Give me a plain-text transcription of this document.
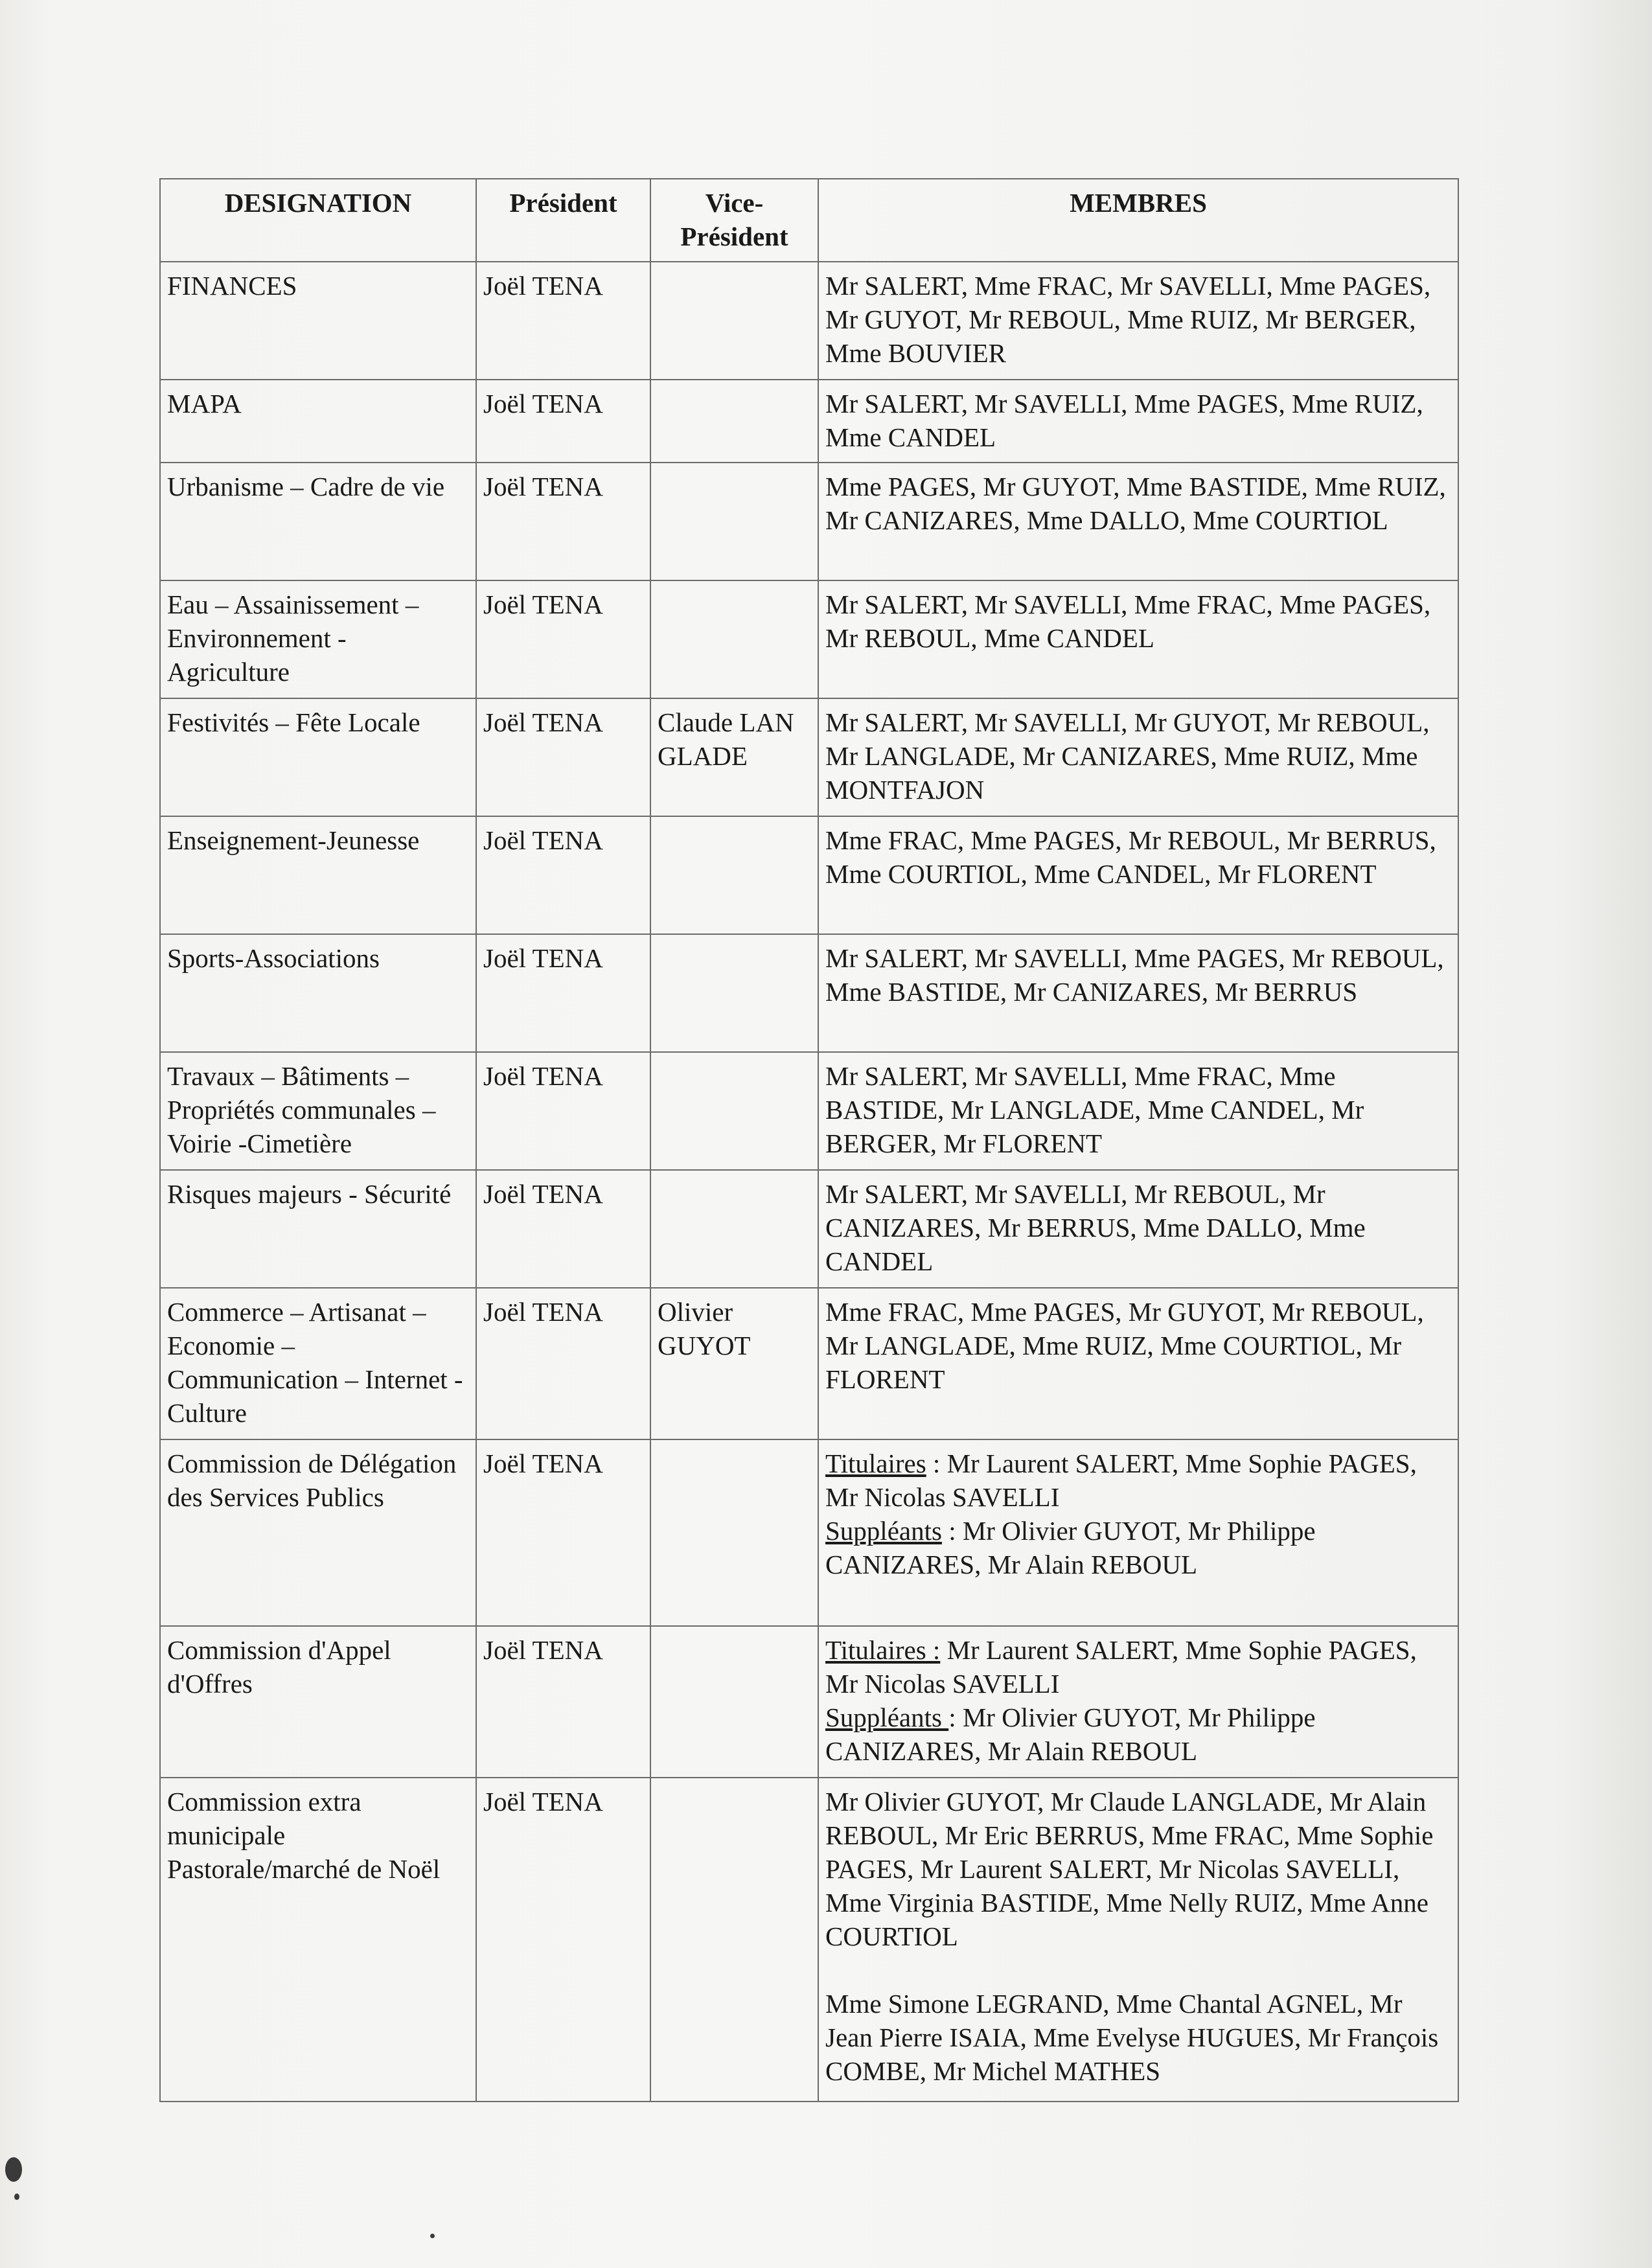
DESIGNATION	Président	Vice-Président	MEMBRES
FINANCES	Joël TENA		Mr SALERT, Mme FRAC, Mr SAVELLI, Mme PAGES, Mr GUYOT, Mr REBOUL, Mme RUIZ, Mr BERGER, Mme BOUVIER
MAPA	Joël TENA		Mr SALERT, Mr SAVELLI, Mme PAGES, Mme RUIZ, Mme CANDEL
Urbanisme – Cadre de vie	Joël TENA		Mme PAGES, Mr GUYOT, Mme BASTIDE, Mme RUIZ, Mr CANIZARES, Mme DALLO, Mme COURTIOL
Eau – Assainissement – Environnement - Agriculture	Joël TENA		Mr SALERT, Mr SAVELLI, Mme FRAC, Mme PAGES, Mr REBOUL, Mme CANDEL
Festivités – Fête Locale	Joël TENA	Claude LANGLADE	Mr SALERT, Mr SAVELLI, Mr GUYOT, Mr REBOUL, Mr LANGLADE, Mr CANIZARES, Mme RUIZ, Mme MONTFAJON
Enseignement-Jeunesse	Joël TENA		Mme FRAC, Mme PAGES, Mr REBOUL, Mr BERRUS, Mme COURTIOL, Mme CANDEL, Mr FLORENT
Sports-Associations	Joël TENA		Mr SALERT, Mr SAVELLI, Mme PAGES, Mr REBOUL, Mme BASTIDE, Mr CANIZARES, Mr BERRUS
Travaux – Bâtiments – Propriétés communales – Voirie -Cimetière	Joël TENA		Mr SALERT, Mr SAVELLI, Mme FRAC, Mme BASTIDE, Mr LANGLADE, Mme CANDEL, Mr BERGER, Mr FLORENT
Risques majeurs - Sécurité	Joël TENA		Mr SALERT, Mr SAVELLI, Mr REBOUL, Mr CANIZARES, Mr BERRUS, Mme DALLO, Mme CANDEL
Commerce – Artisanat – Economie – Communication – Internet - Culture	Joël TENA	Olivier GUYOT	Mme FRAC, Mme PAGES, Mr GUYOT, Mr REBOUL, Mr LANGLADE, Mme RUIZ, Mme COURTIOL, Mr FLORENT
Commission de Délégation des Services Publics	Joël TENA		Titulaires : Mr Laurent SALERT, Mme Sophie PAGES, Mr Nicolas SAVELLI
Suppléants : Mr Olivier GUYOT, Mr Philippe CANIZARES, Mr Alain REBOUL
Commission d'Appel d'Offres	Joël TENA		Titulaires : Mr Laurent SALERT, Mme Sophie PAGES, Mr Nicolas SAVELLI
Suppléants : Mr Olivier GUYOT, Mr Philippe CANIZARES, Mr Alain REBOUL
Commission extra municipale Pastorale/marché de Noël	Joël TENA		Mr Olivier GUYOT, Mr Claude LANGLADE, Mr Alain REBOUL, Mr Eric BERRUS, Mme FRAC, Mme Sophie PAGES, Mr Laurent SALERT, Mr Nicolas SAVELLI, Mme Virginia BASTIDE, Mme Nelly RUIZ, Mme Anne COURTIOL
Mme Simone LEGRAND, Mme Chantal AGNEL, Mr Jean Pierre ISAIA, Mme Evelyse HUGUES, Mr François COMBE, Mr Michel MATHES
